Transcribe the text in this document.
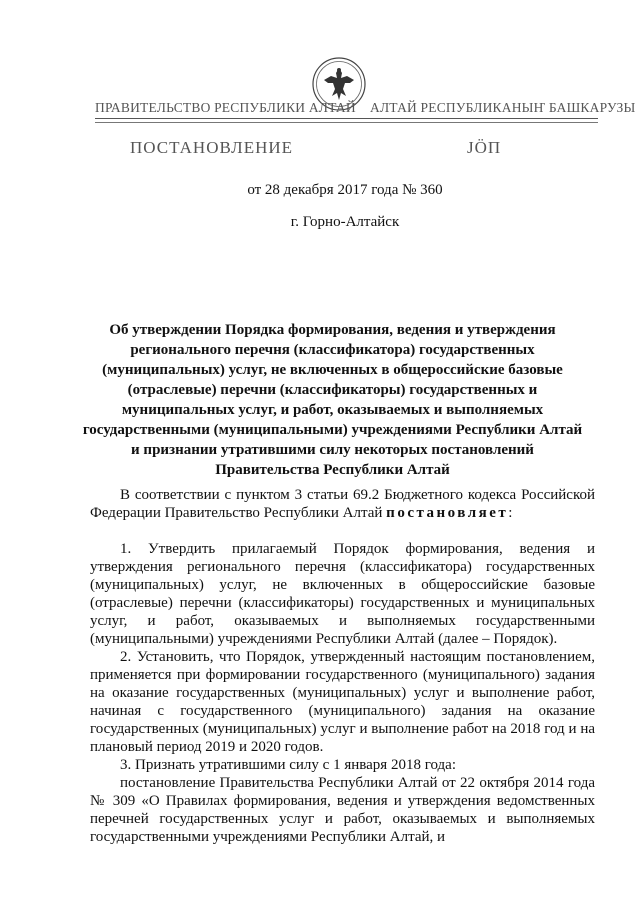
ПРАВИТЕЛЬСТВО РЕСПУБЛИКИ АЛТАЙ АЛТАЙ РЕСПУБЛИКАНЫҤ БАШКАРУЗЫ
ПОСТАНОВЛЕНИЕ	ЈӦП
от 28 декабря 2017 года № 360
г. Горно-Алтайск
Об утверждении Порядка формирования, ведения и утверждения
регионального перечня (классификатора) государственных
(муниципальных) услуг, не включенных в общероссийские базовые
(отраслевые) перечни (классификаторы) государственных и
муниципальных услуг, и работ, оказываемых и выполняемых
государственными (муниципальными) учреждениями Республики Алтай
и признании утратившими силу некоторых постановлений
Правительства Республики Алтай

В соответствии с пунктом 3 статьи 69.2 Бюджетного кодекса Российской Федерации Правительство Республики Алтай постановляет:

1. Утвердить прилагаемый Порядок формирования, ведения и утверждения регионального перечня (классификатора) государственных (муниципальных) услуг, не включенных в общероссийские базовые (отраслевые) перечни (классификаторы) государственных и муниципальных услуг, и работ, оказываемых и выполняемых государственными (муниципальными) учреждениями Республики Алтай (далее – Порядок).

2. Установить, что Порядок, утвержденный настоящим постановлением, применяется при формировании государственного (муниципального) задания на оказание государственных (муниципальных) услуг и выполнение работ, начиная с государственного (муниципального) задания на оказание государственных (муниципальных) услуг и выполнение работ на 2018 год и на плановый период 2019 и 2020 годов.

3. Признать утратившими силу с 1 января 2018 года:

постановление Правительства Республики Алтай от 22 октября 2014 года № 309 «О Правилах формирования, ведения и утверждения ведомственных перечней государственных услуг и работ, оказываемых и выполняемых государственными учреждениями Республики Алтай, и
